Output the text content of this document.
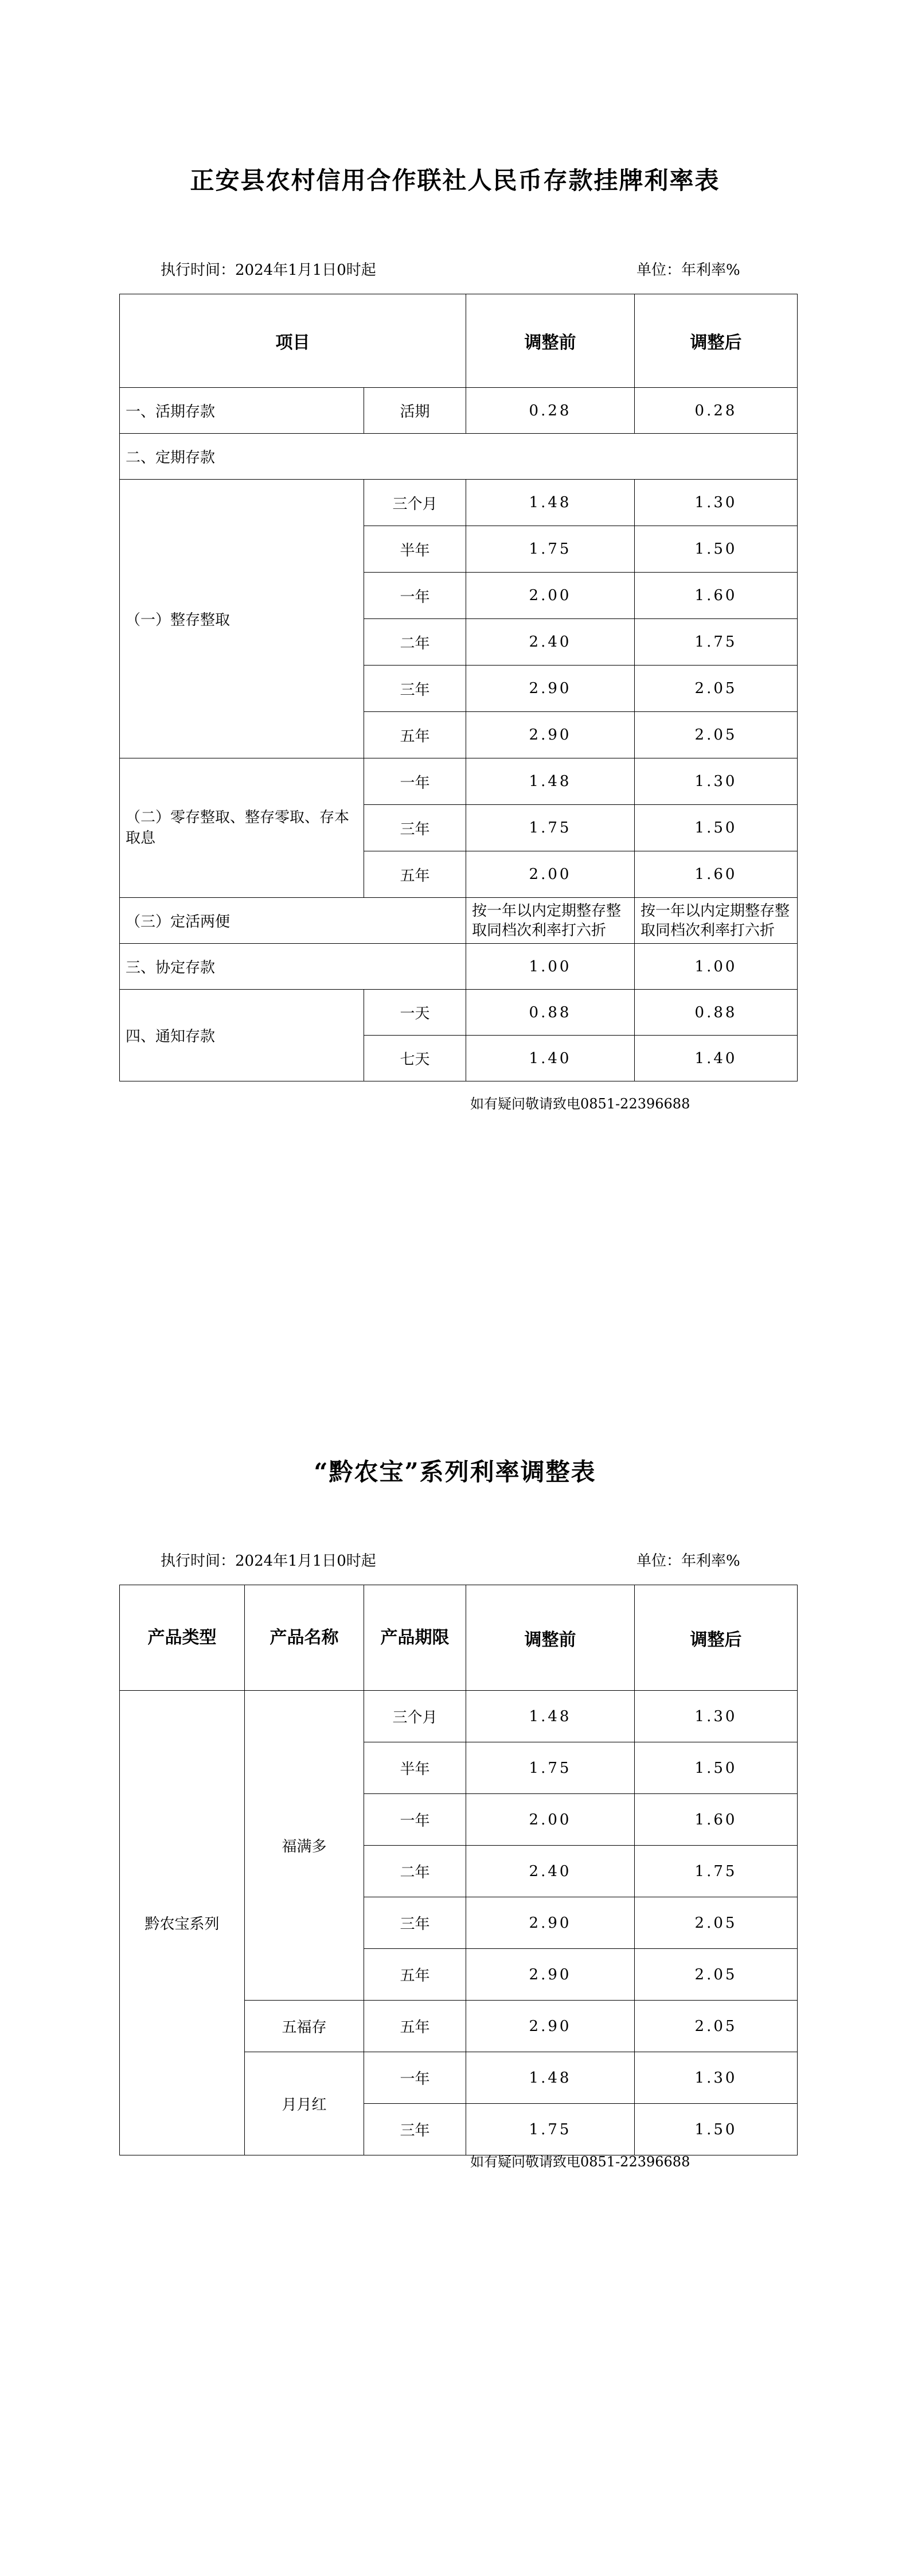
正安县农村信用合作联社人民币存款挂牌利率表
执行时间：2024年1月1日0时起	单位：年利率%
项目		调整前	调整后
一、活期存款	活期	0.28	0.28
二、定期存款			
（一）整存整取	三个月	1.48	1.30
	半年	1.75	1.50
	一年	2.00	1.60
	二年	2.40	1.75
	三年	2.90	2.05
	五年	2.90	2.05
（二）零存整取、整存零取、存本取息	一年	1.48	1.30
	三年	1.75	1.50
	五年	2.00	1.60
（三）定活两便		按一年以内定期整存整取同档次利率打六折	按一年以内定期整存整取同档次利率打六折
三、协定存款		1.00	1.00
四、通知存款	一天	0.88	0.88
	七天	1.40	1.40
如有疑问敬请致电0851-22396688
“黔农宝”系列利率调整表
执行时间：2024年1月1日0时起	单位：年利率%
产品类型	产品名称	产品期限	调整前	调整后
黔农宝系列	福满多	三个月	1.48	1.30
		半年	1.75	1.50
		一年	2.00	1.60
		二年	2.40	1.75
		三年	2.90	2.05
		五年	2.90	2.05
	五福存	五年	2.90	2.05
	月月红	一年	1.48	1.30
		三年	1.75	1.50
如有疑问敬请致电0851-22396688
